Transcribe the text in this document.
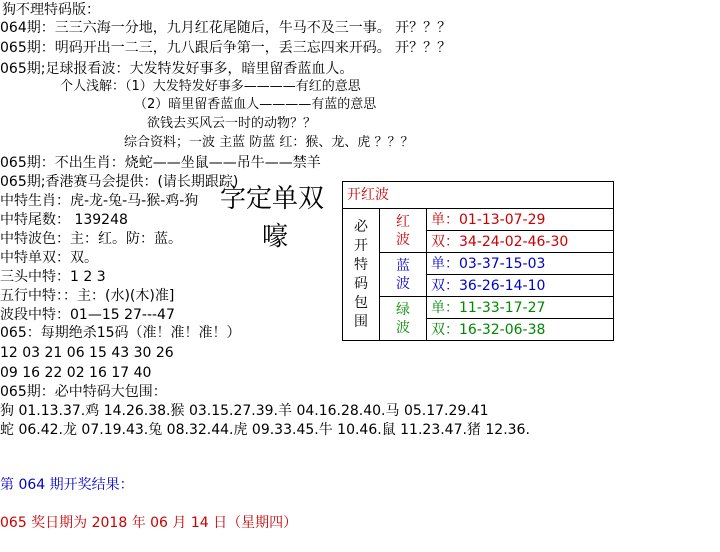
狗不理特码版：
064期：三三六海一分地，九月红花尾随后，牛马不及三一事。 开？？？
065期：明码开出一二三，九八跟后争第一，丢三忘四来开码。 开？？？
065期;足球报看波：大发特发好事多，暗里留香蓝血人。
个人浅解：（1）大发特发好事多————有红的意思
（2）暗里留香蓝血人————有蓝的意思
欲钱去买风云一时的动物？？
综合资料；一波 主蓝 防蓝 红：猴、龙、虎 ？？？
065期：不出生肖：烧蛇——坐鼠——吊牛——禁羊
065期;香港赛马会提供：(请长期跟踪)
中特生肖：虎-龙-兔-马-猴-鸡-狗
中特尾数： 139248
中特波色：主：红。防：蓝。
中特单双：双。
三头中特：1 2 3
五行中特：：主：(水)(木)准]
波段中特：01—15 27---47
065：每期绝杀15码（准！准！准！）
12 03 21 06 15 43 30 26
09 16 22 02 16 17 40
065期：必中特码大包围：
狗 01.13.37.鸡 14.26.38.猴 03.15.27.39.羊 04.16.28.40.马 05.17.29.41
蛇 06.42.龙 07.19.43.兔 08.32.44.虎 09.33.45.牛 10.46.鼠 11.23.47.猪 12.36.
字定单双
嚎
开红波		

必开特码包围	红波	单：01-13-07-29
		双：34-24-02-46-30

	蓝波	单：03-37-15-03
		双：36-26-14-10

	绿波	单：11-33-17-27
		双：16-32-06-38
第 064 期开奖结果：
065 奖日期为 2018 年 06 月 14 日（星期四）
